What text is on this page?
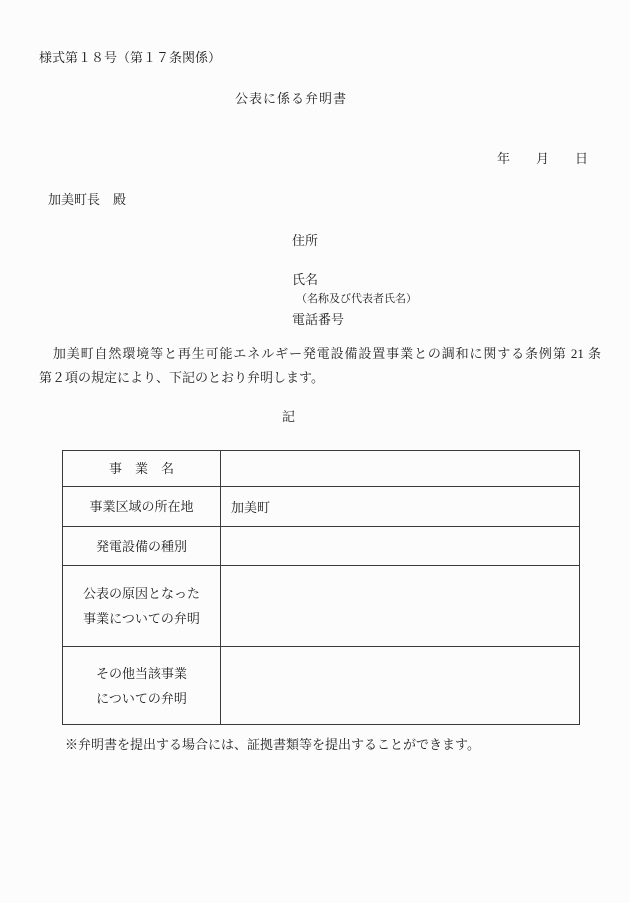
様式第１８号（第１７条関係）
公表に係る弁明書
年　　月　　日
加美町長　殿
住所
氏名
（名称及び代表者氏名）
電話番号
　加美町自然環境等と再生可能エネルギー発電設備設置事業との調和に関する条例第 21 条
第２項の規定により、下記のとおり弁明します。
記
事　業　名	

事業区域の所在地	加美町

発電設備の種別	

公表の原因となった
事業についての弁明	

その他当該事業
についての弁明	

※弁明書を提出する場合には、証拠書類等を提出することができます。
